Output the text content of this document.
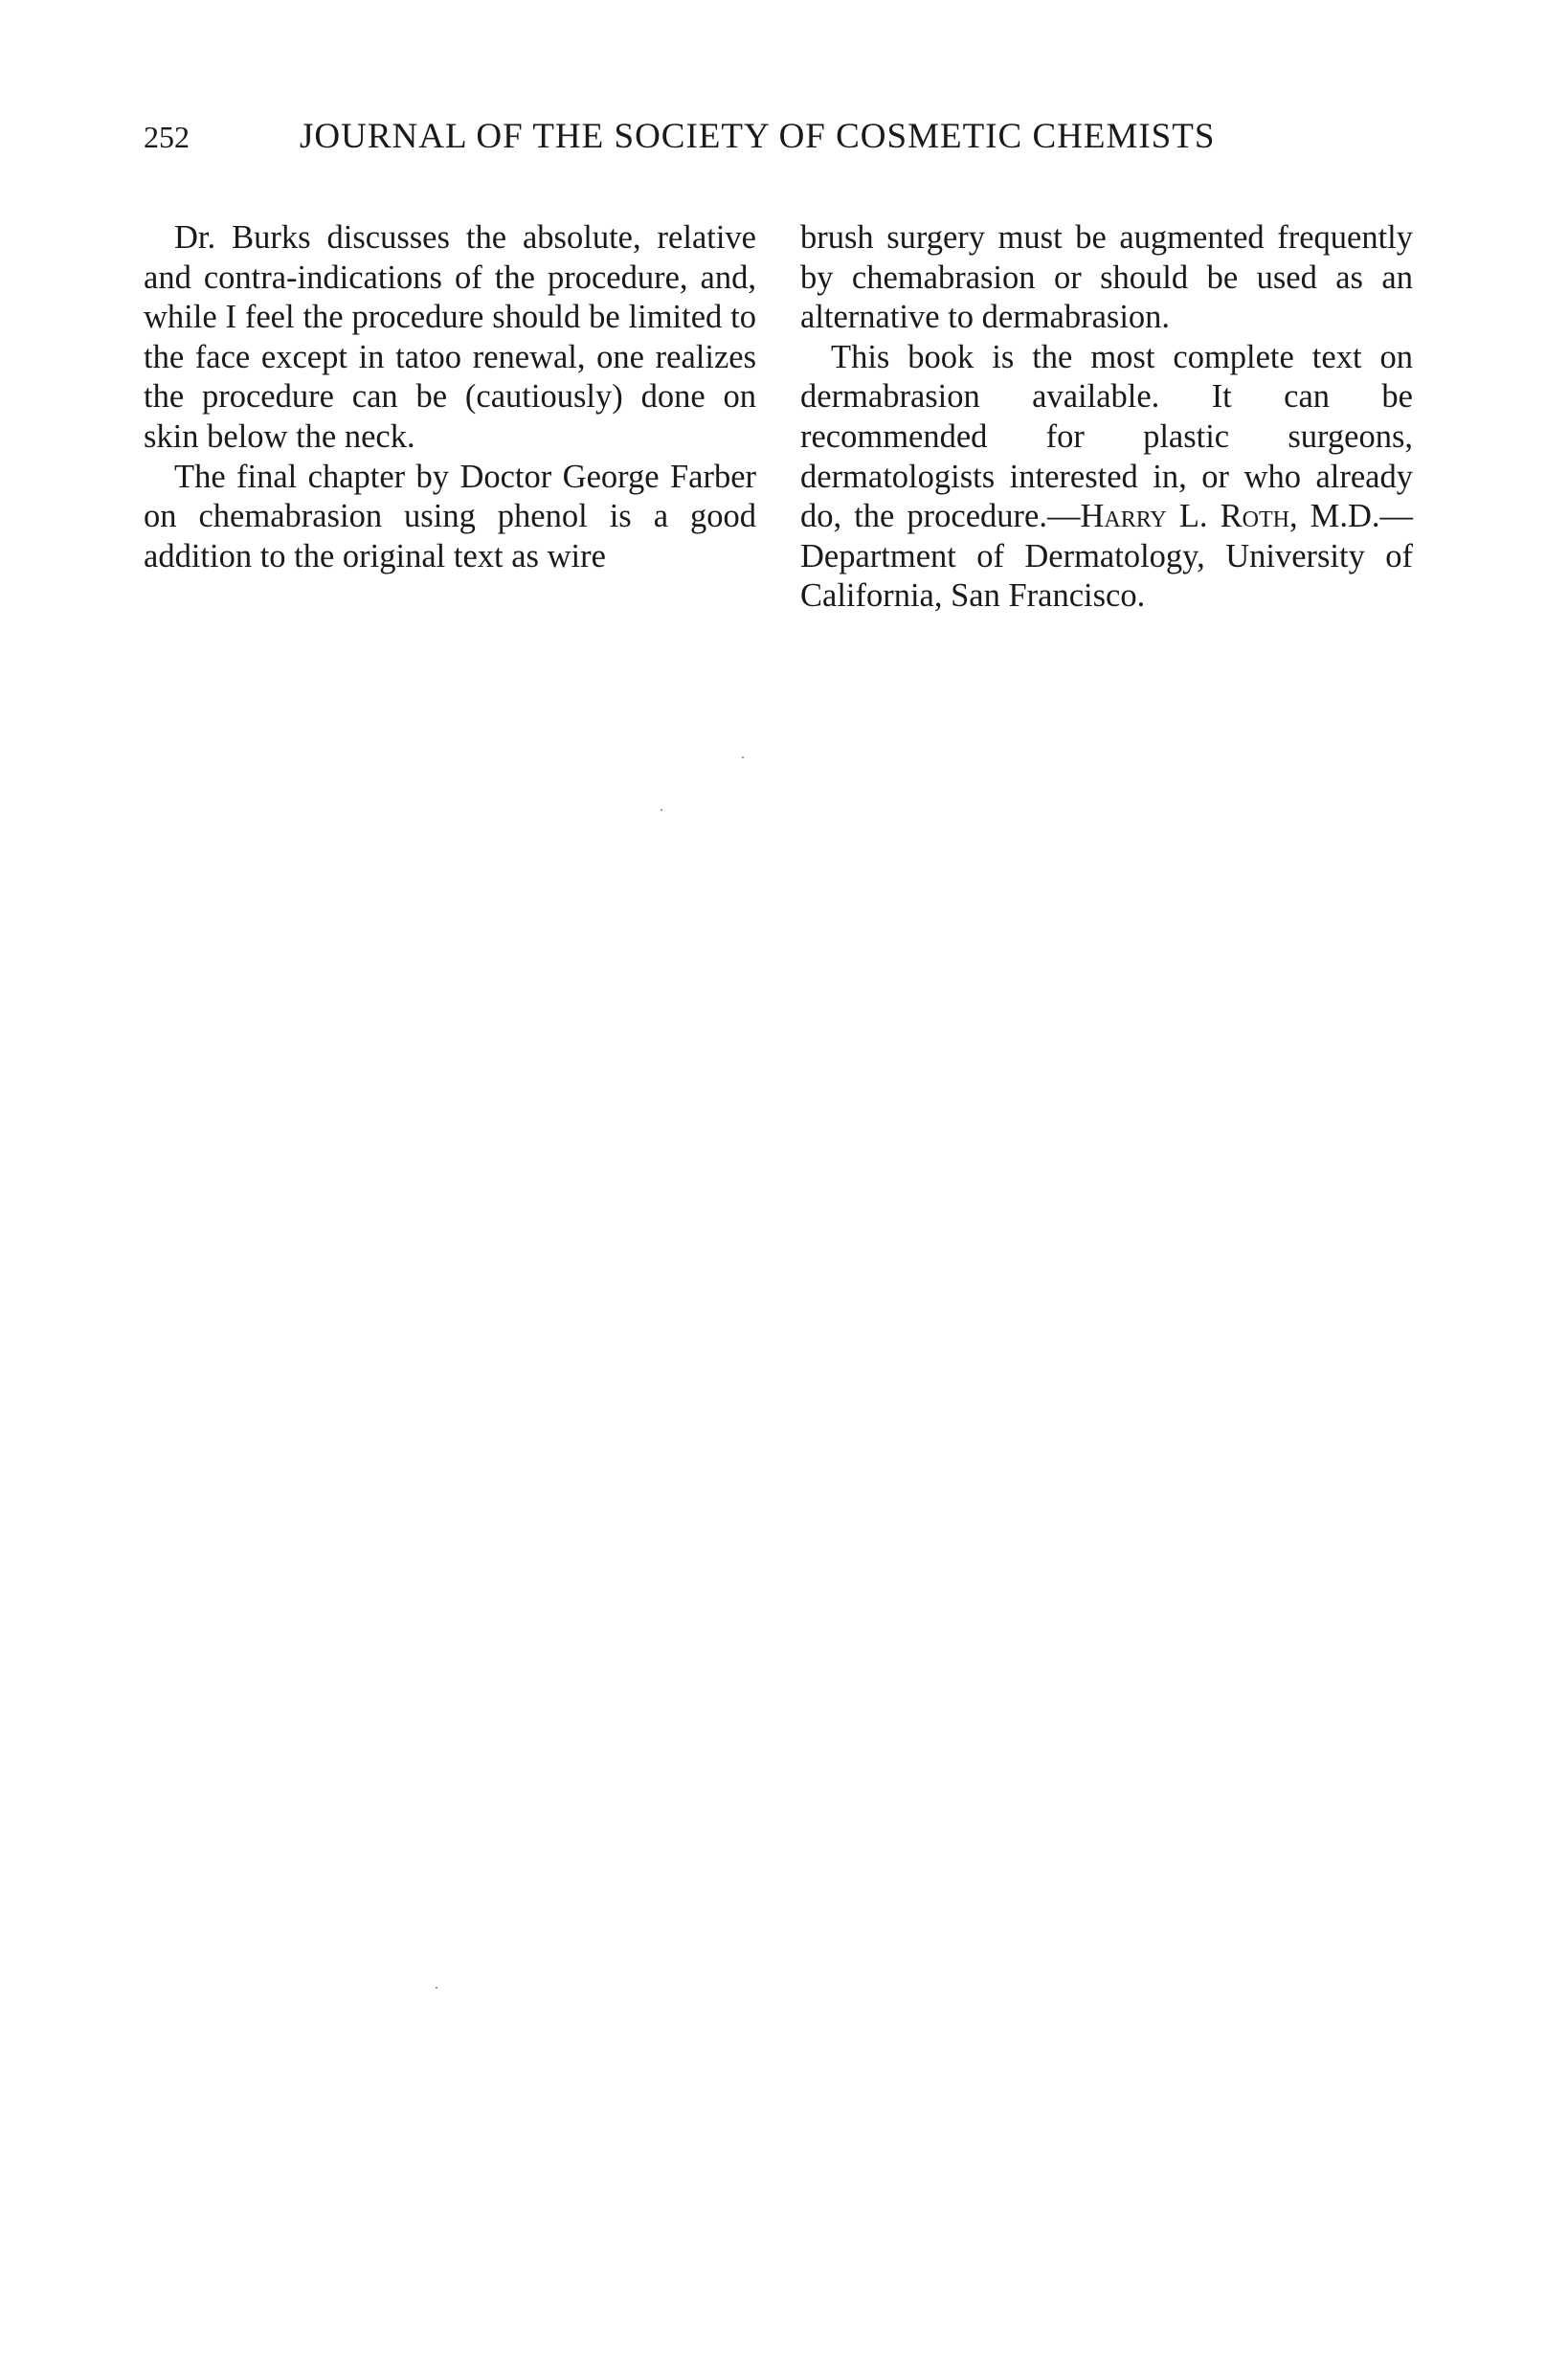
252	JOURNAL OF THE SOCIETY OF COSMETIC CHEMISTS

Dr. Burks discusses the absolute, relative and contra-indications of the procedure, and, while I feel the procedure should be limited to the face except in tatoo renewal, one realizes the procedure can be (cautiously) done on skin below the neck.

The final chapter by Doctor George Farber on chemabrasion using phenol is a good addition to the original text as wire

brush surgery must be augmented frequently by chemabrasion or should be used as an alternative to dermabrasion.

This book is the most complete text on dermabrasion available. It can be recommended for plastic surgeons, dermatologists interested in, or who already do, the procedure.—Harry L. Roth, M.D.— Department of Dermatology, University of California, San Francisco.
